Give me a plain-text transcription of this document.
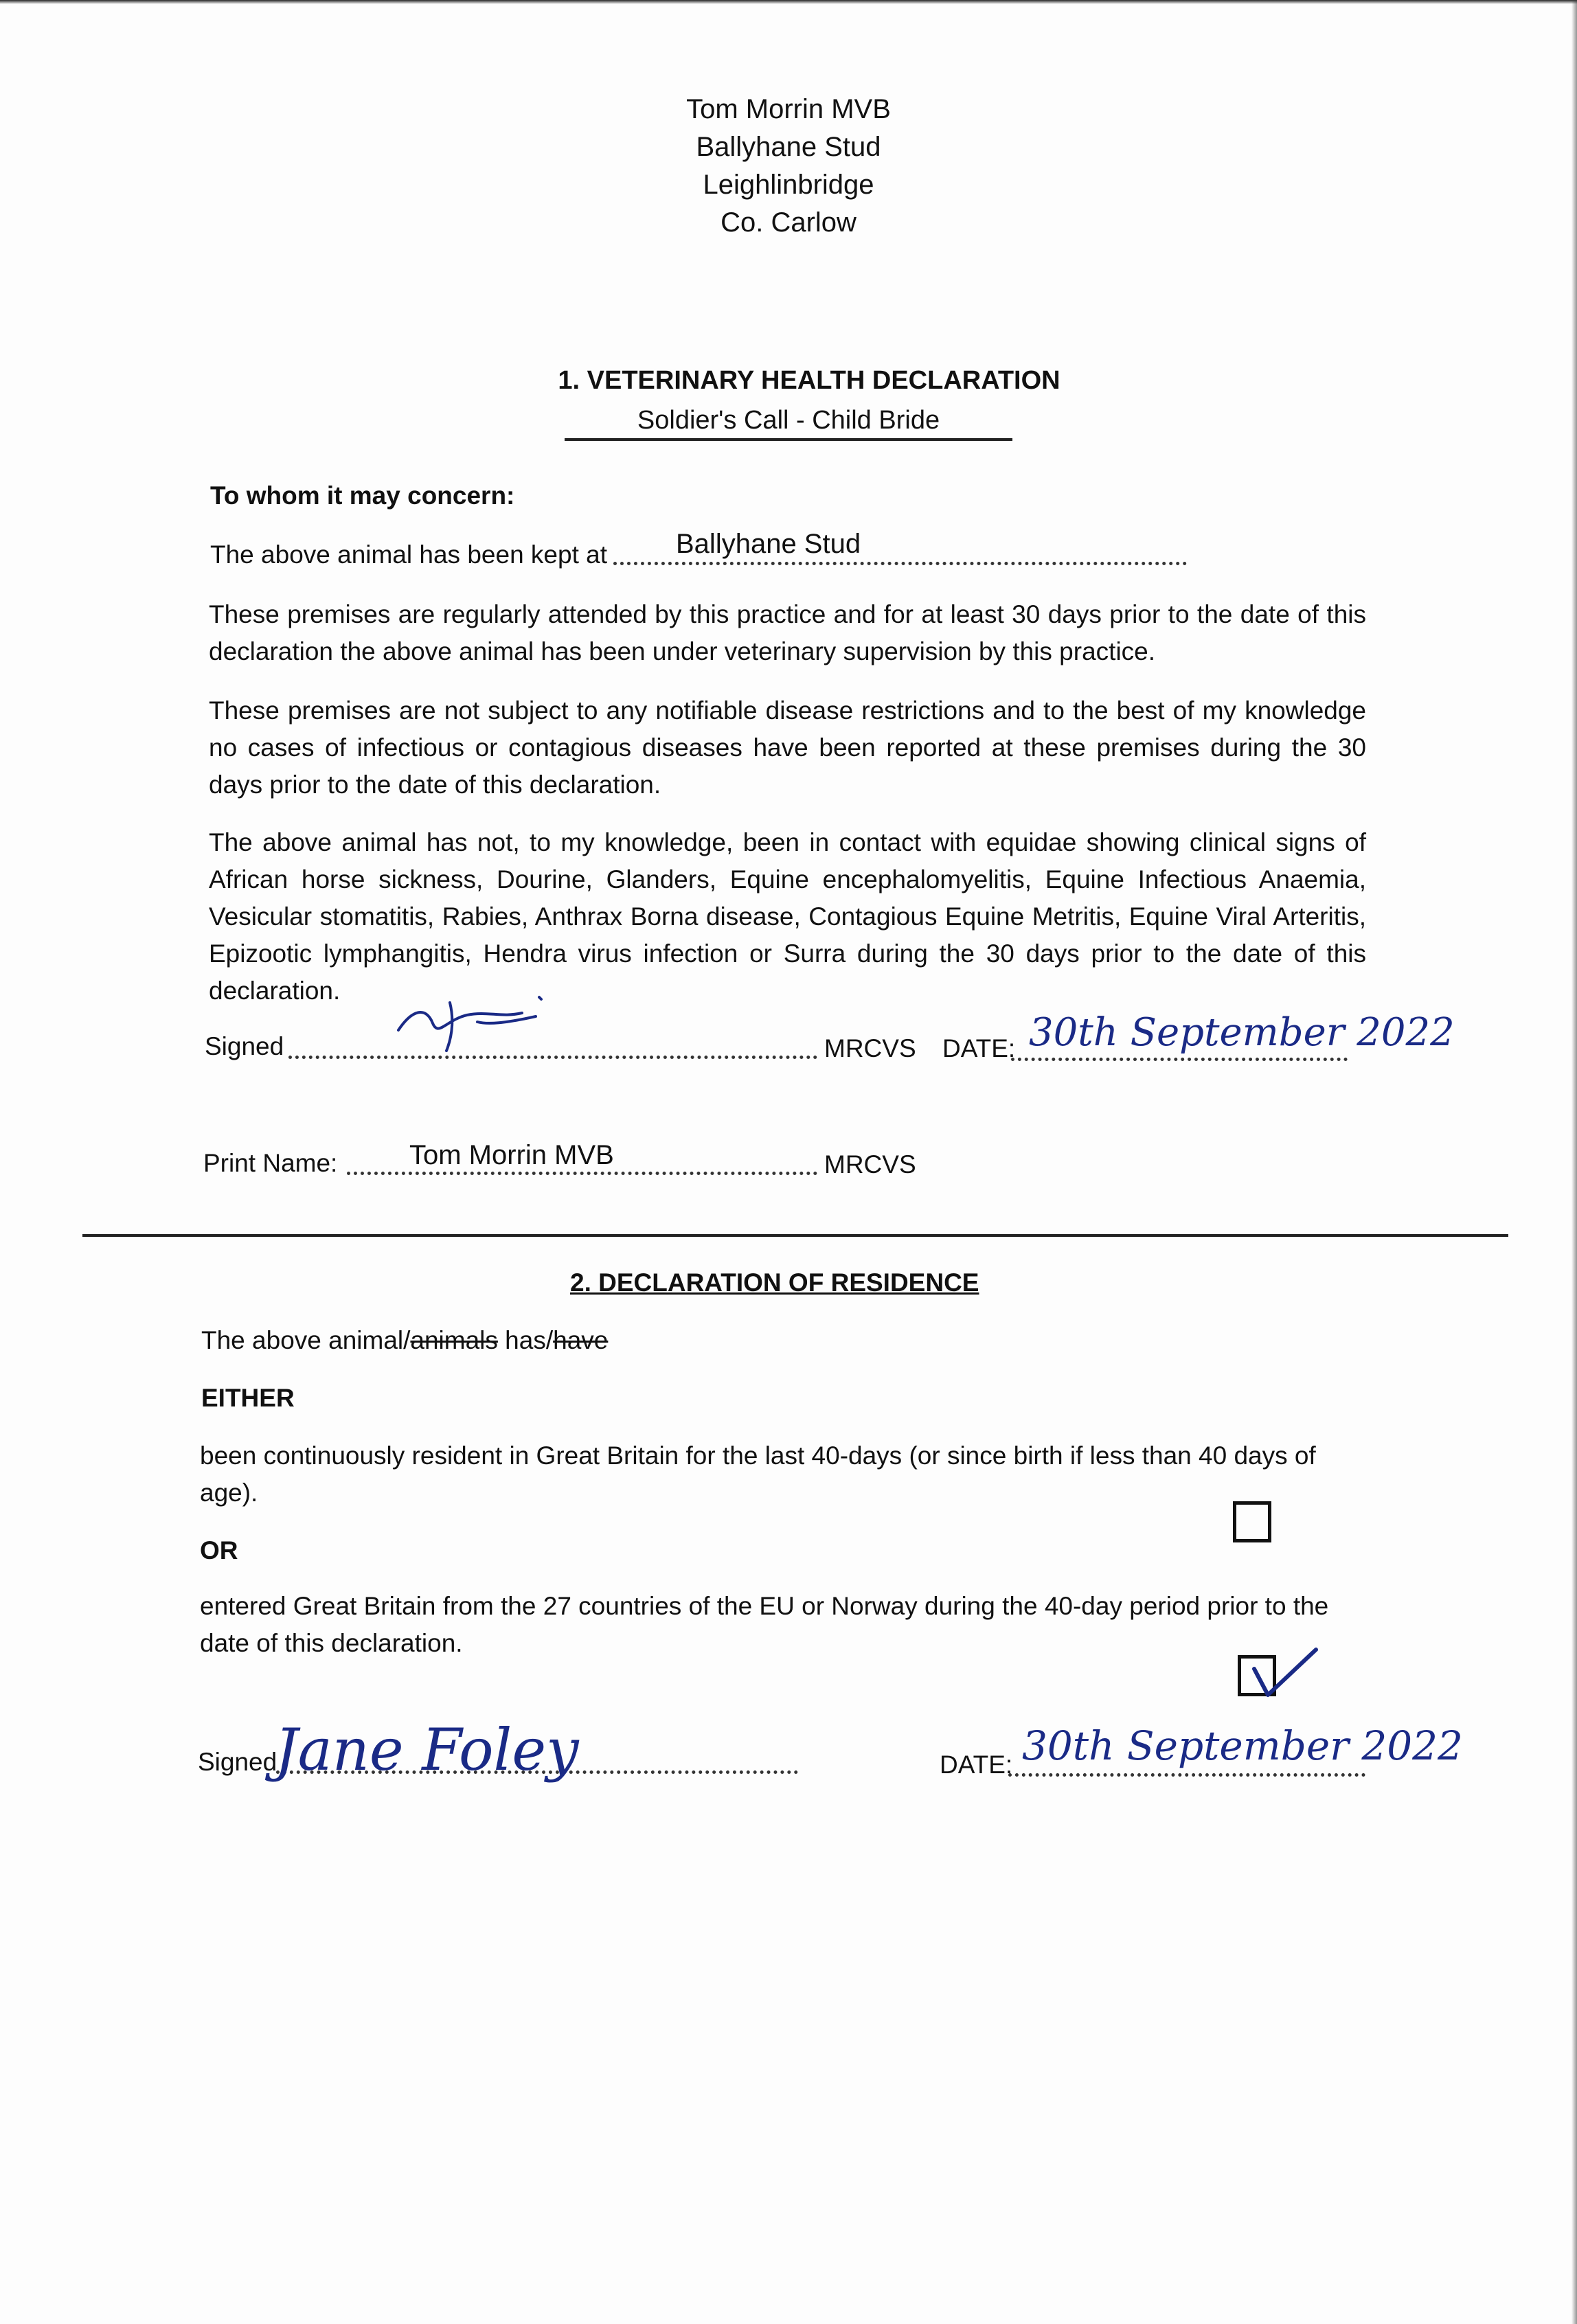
Tom Morrin MVB
Ballyhane Stud
Leighlinbridge
Co. Carlow
1. VETERINARY HEALTH DECLARATION
Soldier's Call - Child Bride
To whom it may concern:
The above animal has been kept at	Ballyhane Stud
These premises are regularly attended by this practice and for at least 30 days prior to the date of this declaration the above animal has been under veterinary supervision by this practice.
These premises are not subject to any notifiable disease restrictions and to the best of my knowledge no cases of infectious or contagious diseases have been reported at these premises during the 30 days prior to the date of this declaration.
The above animal has not, to my knowledge, been in contact with equidae showing clinical signs of African horse sickness, Dourine, Glanders, Equine encephalomyelitis, Equine Infectious Anaemia, Vesicular stomatitis, Rabies, Anthrax Borna disease, Contagious Equine Metritis, Equine Viral Arteritis, Epizootic lymphangitis, Hendra virus infection or Surra during the 30 days prior to the date of this declaration.
Signed	MRCVS DATE: 30th September 2022
Print Name:	Tom Morrin MVB	MRCVS
2. DECLARATION OF RESIDENCE
The above animal/animals has/have
EITHER
been continuously resident in Great Britain for the last 40-days (or since birth if less than 40 days of age).
OR
entered Great Britain from the 27 countries of the EU or Norway during the 40-day period prior to the date of this declaration.
Signed
Jane Foley	DATE: 30th September 2022
